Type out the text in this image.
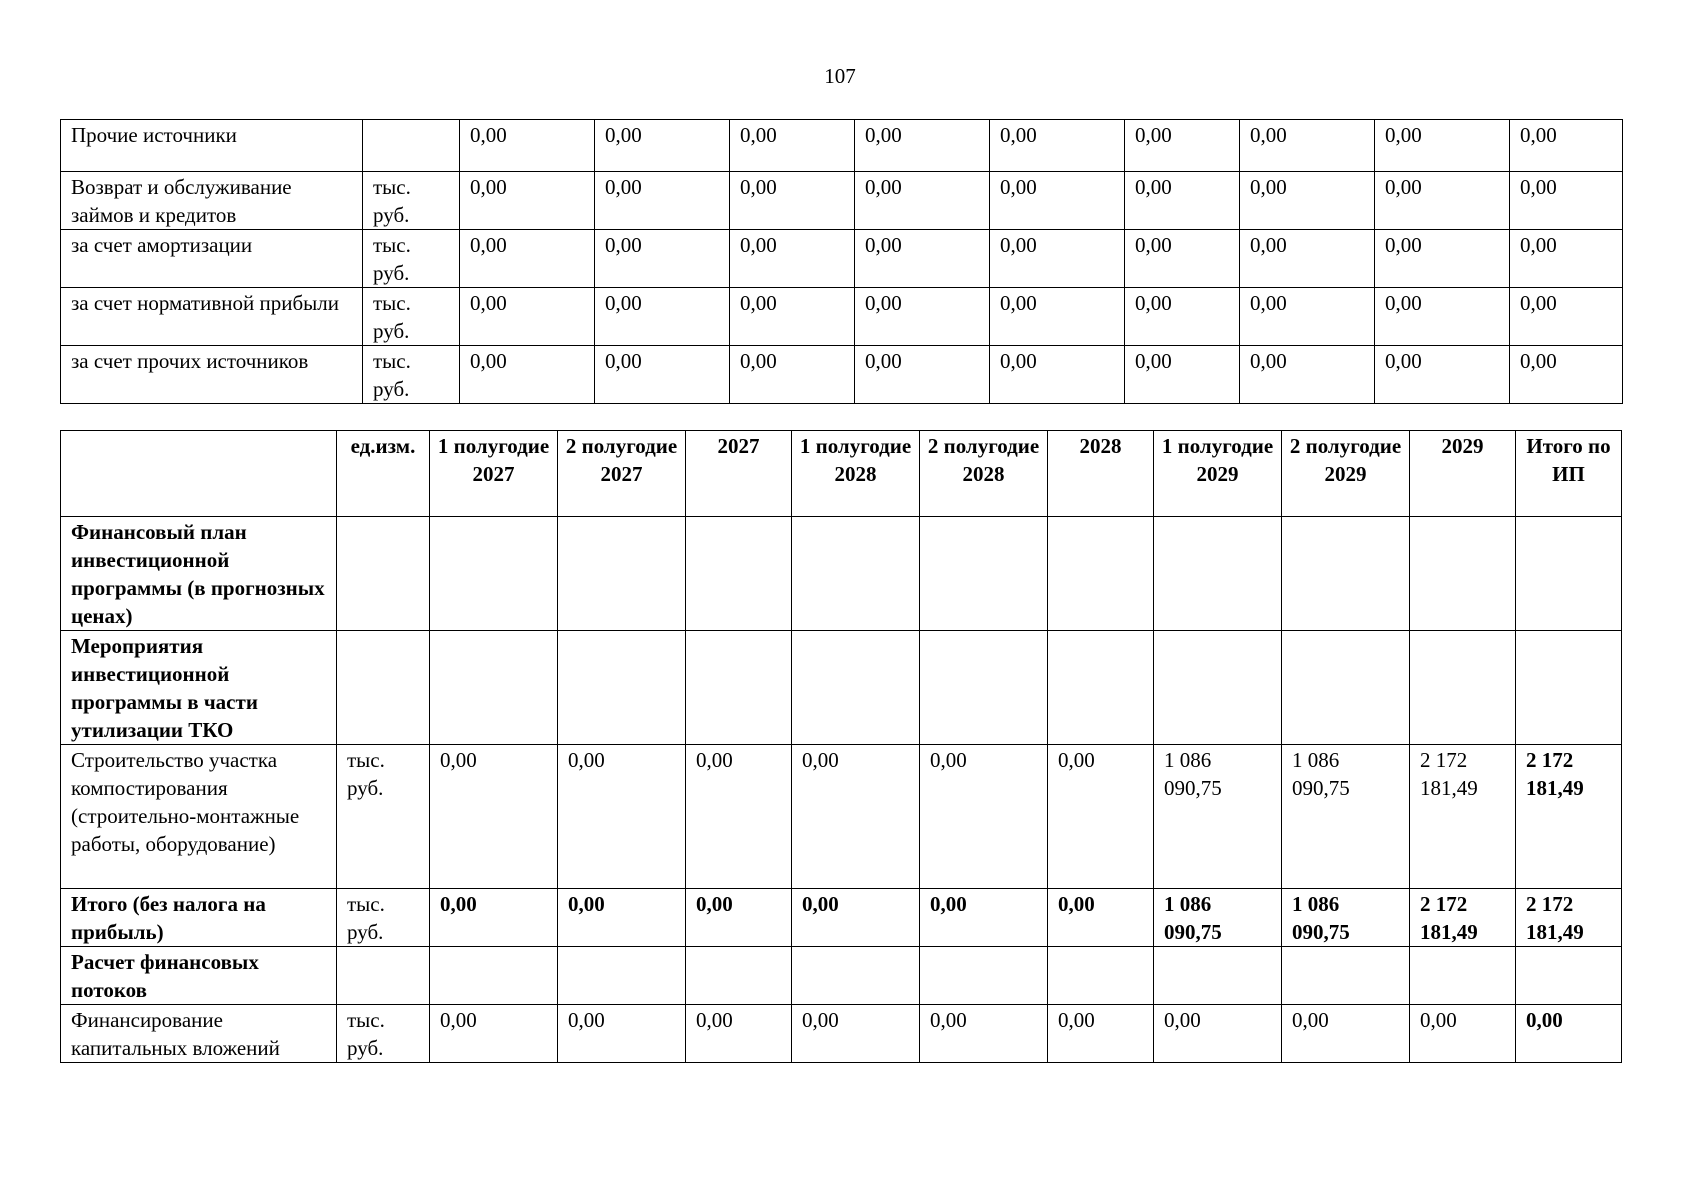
107
Прочие источники		0,00	0,00	0,00	0,00	0,00	0,00	0,00	0,00	0,00
Возврат и обслуживание займов и кредитов	тыс. руб.	0,00	0,00	0,00	0,00	0,00	0,00	0,00	0,00	0,00
за счет амортизации	тыс. руб.	0,00	0,00	0,00	0,00	0,00	0,00	0,00	0,00	0,00
за счет нормативной прибыли	тыс. руб.	0,00	0,00	0,00	0,00	0,00	0,00	0,00	0,00	0,00
за счет прочих источников	тыс. руб.	0,00	0,00	0,00	0,00	0,00	0,00	0,00	0,00	0,00
	ед.изм.	1 полугодие 2027	2 полугодие 2027	2027	1 полугодие 2028	2 полугодие 2028	2028	1 полугодие 2029	2 полугодие 2029	2029	Итого по ИП
Финансовый план инвестиционной программы (в прогнозных ценах)											
Мероприятия инвестиционной программы в части утилизации ТКО											
Строительство участка компостирования (строительно-монтажные работы, оборудование)	тыс. руб.	0,00	0,00	0,00	0,00	0,00	0,00	1 086 090,75	1 086 090,75	2 172 181,49	2 172 181,49
Итого (без налога на прибыль)	тыс. руб.	0,00	0,00	0,00	0,00	0,00	0,00	1 086 090,75	1 086 090,75	2 172 181,49	2 172 181,49
Расчет финансовых потоков											
Финансирование капитальных вложений	тыс. руб.	0,00	0,00	0,00	0,00	0,00	0,00	0,00	0,00	0,00	0,00
